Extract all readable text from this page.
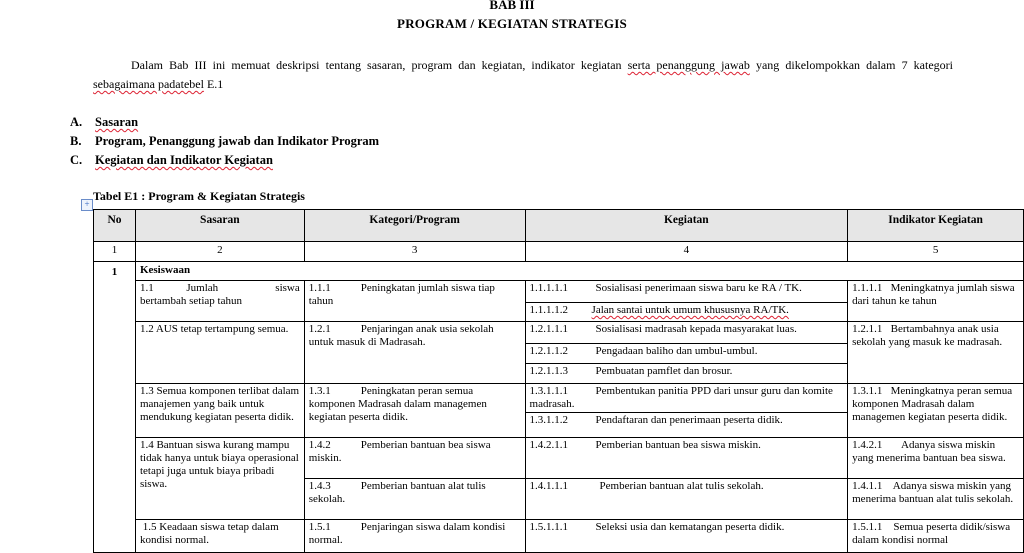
BAB III
PROGRAM / KEGIATAN STRATEGIS
Dalam Bab III ini memuat deskripsi tentang sasaran, program dan kegiatan, indikator kegiatan serta penanggung jawab yang dikelompokkan dalam 7 kategori sebagaimana padatebel E.1
A. Sasaran
B. Program, Penanggung jawab dan Indikator Program
C. Kegiatan dan Indikator Kegiatan
Tabel E1 : Program & Kegiatan Strategis
+
No	Sasaran	Kategori/Program	Kegiatan	Indikator Kegiatan
1	2	3	4	5
1	Kesiswaan			
	1.1        Jumlah              siswa bertambah setiap tahun	1.1.1 Peningkatan jumlah siswa tiap tahun	1.1.1.1.1 Sosialisasi penerimaan siswa baru ke RA / TK.	1.1.1.1   Meningkatnya jumlah siswa dari tahun ke tahun
			1.1.1.1.2 Jalan santai untuk umum khususnya RA/TK.	
	1.2 AUS tetap tertampung semua.	1.2.1 Penjaringan anak usia sekolah untuk masuk di Madrasah.	1.2.1.1.1 Sosialisasi madrasah kepada masyarakat luas.	1.2.1.1   Bertambahnya anak usia sekolah yang masuk ke madrasah.
			1.2.1.1.2 Pengadaan baliho dan umbul-umbul.	
			1.2.1.1.3 Pembuatan pamflet dan brosur.	
	1.3 Semua komponen terlibat dalam manajemen yang baik untuk mendukung kegiatan peserta didik.	1.3.1 Peningkatan peran semua komponen Madrasah dalam managemen kegiatan peserta didik.	1.3.1.1.1 Pembentukan panitia PPD dari unsur guru dan komite madrasah.	1.3.1.1   Meningkatnya peran semua komponen Madrasah dalam managemen kegiatan peserta didik.
			1.3.1.1.2 Pendaftaran dan penerimaan peserta didik.	
	1.4 Bantuan siswa kurang mampu tidak hanya untuk biaya operasional tetapi juga untuk biaya pribadi siswa.	1.4.2 Pemberian bantuan bea siswa miskin.	1.4.2.1.1 Pemberian bantuan bea siswa miskin.	1.4.2.1       Adanya siswa miskin yang menerima bantuan bea siswa.
		1.4.3 Pemberian bantuan alat tulis sekolah.	1.4.1.1.1 Pemberian bantuan alat tulis sekolah.	1.4.1.1    Adanya siswa miskin yang menerima bantuan alat tulis sekolah.
	1.5 Keadaan siswa tetap dalam kondisi normal.	1.5.1 Penjaringan siswa dalam kondisi normal.	1.5.1.1.1 Seleksi usia dan kematangan peserta didik.	1.5.1.1    Semua peserta didik/siswa dalam kondisi normal
